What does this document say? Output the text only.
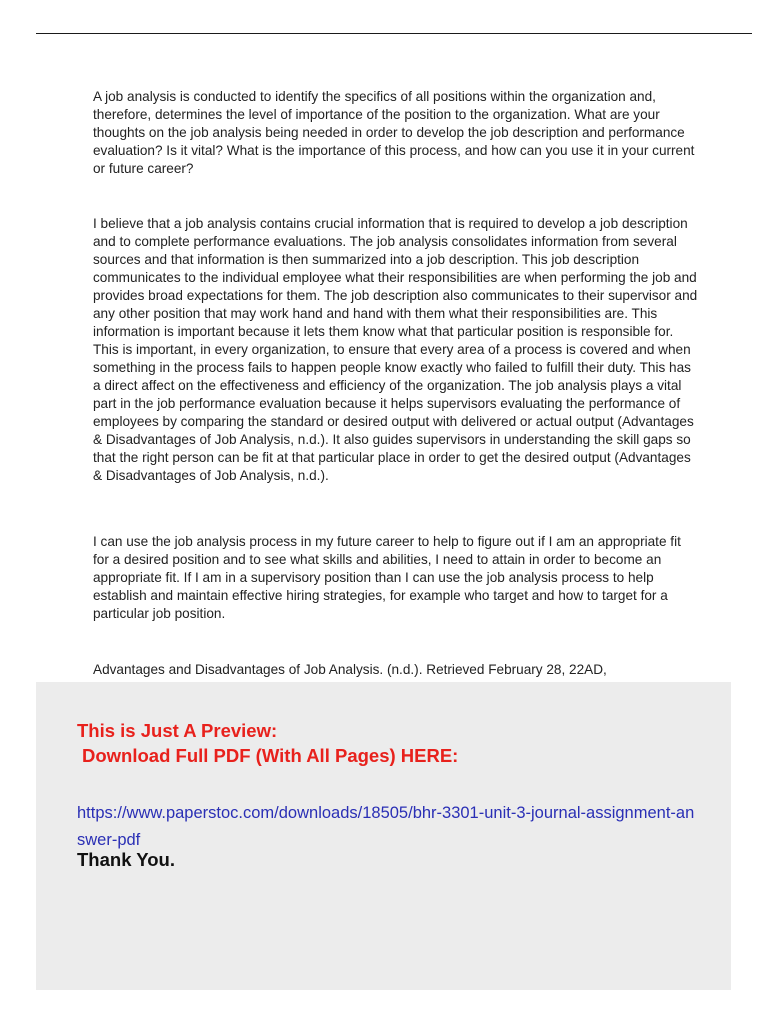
A job analysis is conducted to identify the specifics of all positions within the organization and, therefore, determines the level of importance of the position to the organization. What are your thoughts on the job analysis being needed in order to develop the job description and performance evaluation? Is it vital? What is the importance of this process, and how can you use it in your current or future career?

I believe that a job analysis contains crucial information that is required to develop a job description and to complete performance evaluations. The job analysis consolidates information from several sources and that information is then summarized into a job description. This job description communicates to the individual employee what their responsibilities are when performing the job and provides broad expectations for them. The job description also communicates to their supervisor and any other position that may work hand and hand with them what their responsibilities are. This information is important because it lets them know what that particular position is responsible for. This is important, in every organization, to ensure that every area of a process is covered and when something in the process fails to happen people know exactly who failed to fulfill their duty. This has a direct affect on the effectiveness and efficiency of the organization. The job analysis plays a vital part in the job performance evaluation because it helps supervisors evaluating the performance of employees by comparing the standard or desired output with delivered or actual output (Advantages & Disadvantages of Job Analysis, n.d.). It also guides supervisors in understanding the skill gaps so that the right person can be fit at that particular place in order to get the desired output (Advantages & Disadvantages of Job Analysis, n.d.).

I can use the job analysis process in my future career to help to figure out if I am an appropriate fit for a desired position and to see what skills and abilities, I need to attain in order to become an appropriate fit. If I am in a supervisory position than I can use the job analysis process to help establish and maintain effective hiring strategies, for example who target and how to target for a particular job position.

Advantages and Disadvantages of Job Analysis. (n.d.). Retrieved February 28, 22AD,

This is Just A Preview:

Download Full PDF (With All Pages) HERE:

https://www.paperstoc.com/downloads/18505/bhr-3301-unit-3-journal-assignment-answer-pdf

Thank You.
